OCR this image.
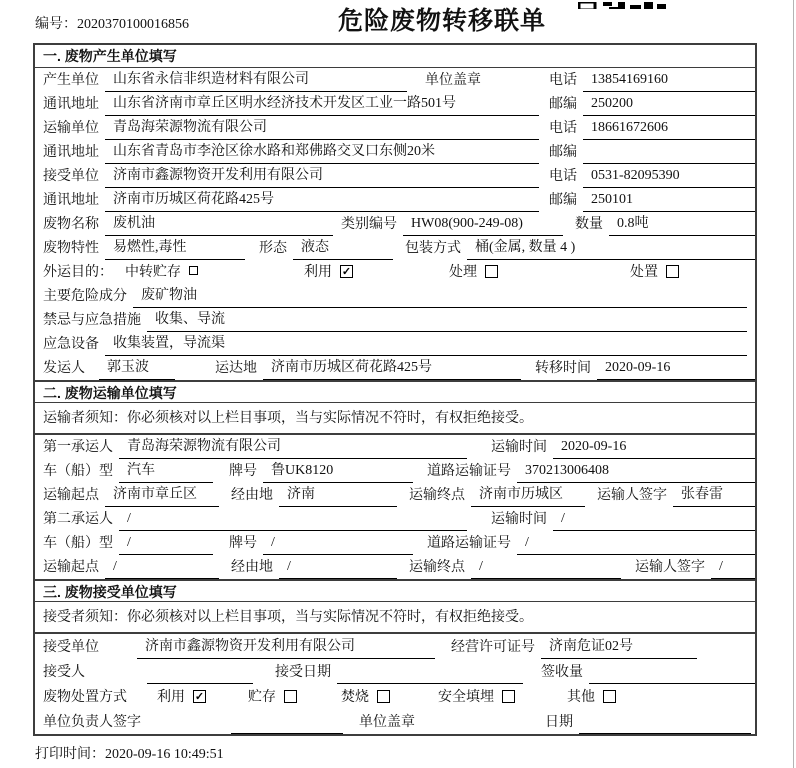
编号：2020370100016856	危险废物转移联单
一. 废物产生单位填写
产生单位	山东省永信非织造材料有限公司	单位盖章	电话	13854169160
通讯地址	山东省济南市章丘区明水经济技术开发区工业一路501号	邮编	250200
运输单位	青岛海荣源物流有限公司	电话	18661672606
通讯地址	山东省青岛市李沧区徐水路和郑佛路交叉口东侧20米	邮编
接受单位	济南市鑫源物资开发利用有限公司	电话	0531-82095390
通讯地址	济南市历城区荷花路425号	邮编	250101
废物名称	废机油	类别编号	HW08(900-249-08)	数量	0.8吨
废物特性	易燃性,毒性	形态	液态	包装方式	桶(金属, 数量 4 )
外运目的： 中转贮存	利用 ✓	处理	处置
主要危险成分	废矿物油
禁忌与应急措施	收集、导流
应急设备	收集装置，导流渠
发运人	郭玉波	运达地	济南市历城区荷花路425号	转移时间	2020-09-16
二. 废物运输单位填写
运输者须知：你必须核对以上栏目事项，当与实际情况不符时，有权拒绝接受。
第一承运人	青岛海荣源物流有限公司	运输时间	2020-09-16
车（船）型	汽车	牌号	鲁UK8120	道路运输证号	370213006408
运输起点	济南市章丘区	经由地	济南	运输终点	济南市历城区	运输人签字	张春雷
第二承运人	/	运输时间	/
车（船）型	/	牌号	/	道路运输证号	/
运输起点	/	经由地	/	运输终点	/	运输人签字	/
三. 废物接受单位填写
接受者须知：你必须核对以上栏目事项，当与实际情况不符时，有权拒绝接受。
接受单位	济南市鑫源物资开发利用有限公司	经营许可证号	济南危证02号
接受人	接受日期	签收量
废物处置方式	利用 ✓	贮存	焚烧	安全填埋	其他
单位负责人签字	单位盖章	日期
打印时间：2020-09-16 10:49:51
